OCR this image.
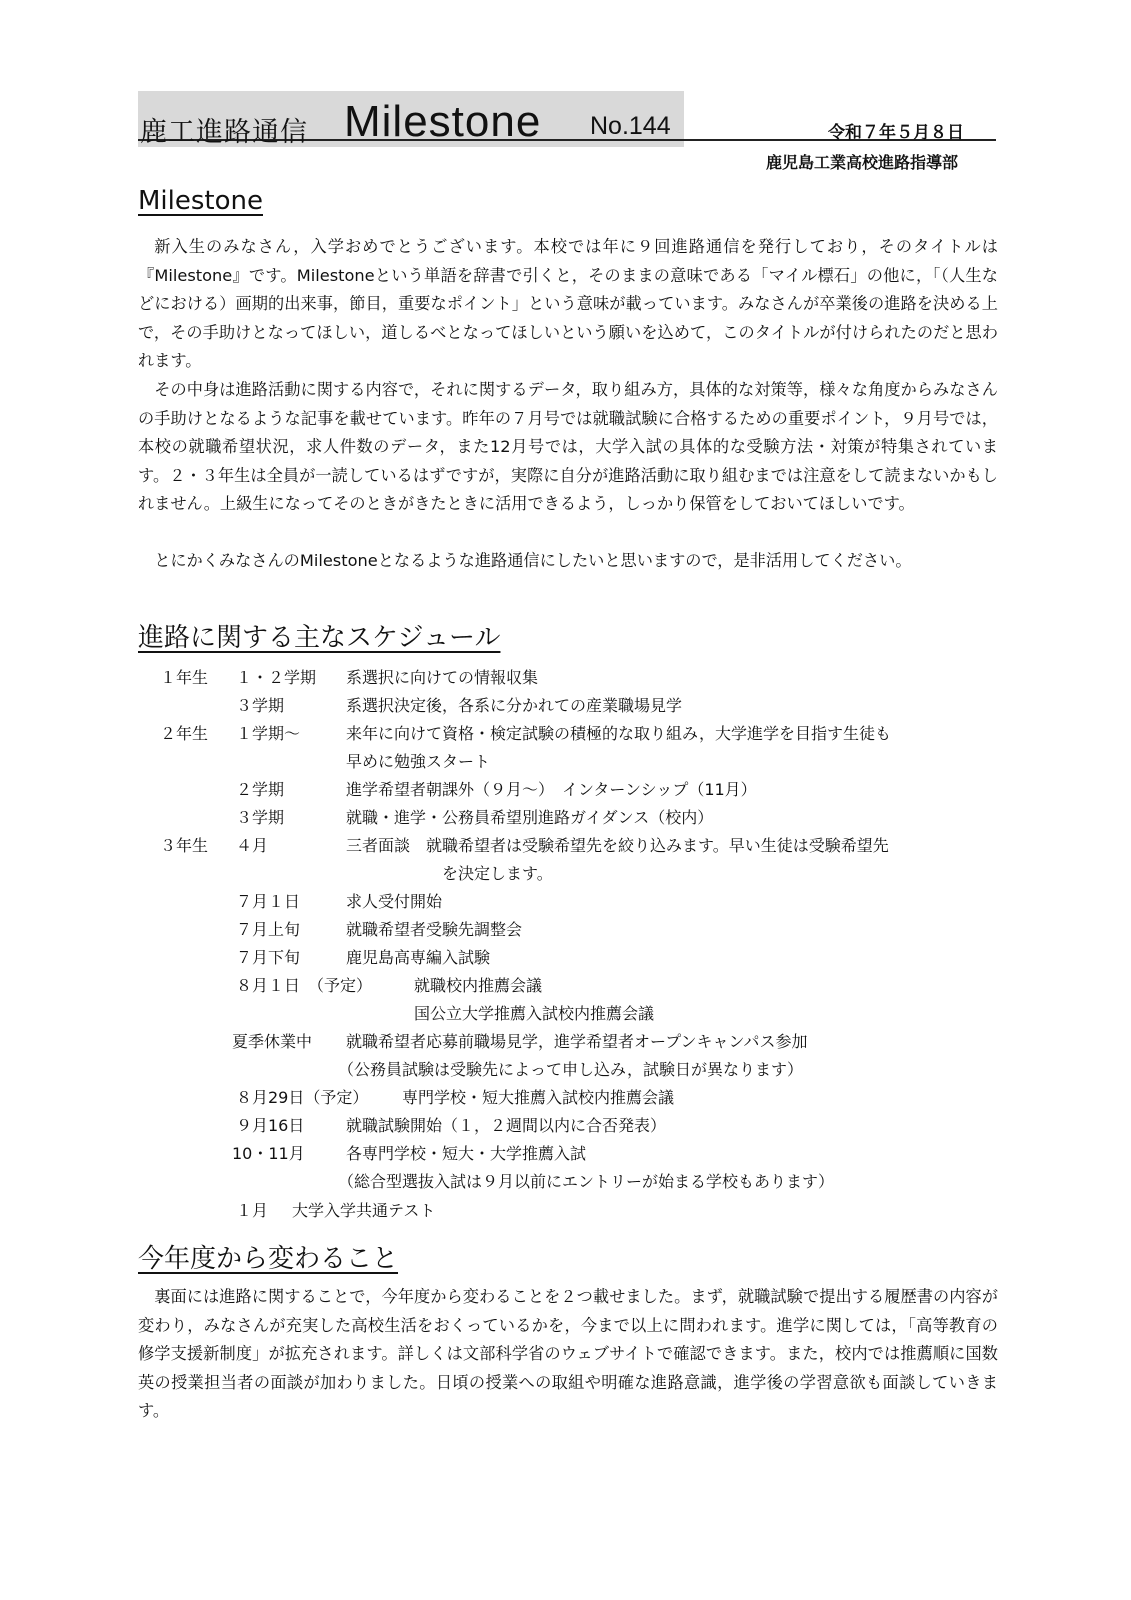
鹿工進路通信 Milestone No.144	令和７年５月８日
鹿児島工業高校進路指導部
Milestone

新入生のみなさん，入学おめでとうございます。本校では年に９回進路通信を発行しており，そのタイトルは『Milestone』です。Milestoneという単語を辞書で引くと，そのままの意味である「マイル標石」の他に，「（人生などにおける）画期的出来事，節目，重要なポイント」という意味が載っています。みなさんが卒業後の進路を決める上で，その手助けとなってほしい，道しるべとなってほしいという願いを込めて，このタイトルが付けられたのだと思われます。

その中身は進路活動に関する内容で，それに関するデータ，取り組み方，具体的な対策等，様々な角度からみなさんの手助けとなるような記事を載せています。昨年の７月号では就職試験に合格するための重要ポイント，９月号では，本校の就職希望状況，求人件数のデータ，また12月号では，大学入試の具体的な受験方法・対策が特集されています。２・３年生は全員が一読しているはずですが，実際に自分が進路活動に取り組むまでは注意をして読まないかもしれません。上級生になってそのときがきたときに活用できるよう，しっかり保管をしておいてほしいです。

とにかくみなさんのMilestoneとなるような進路通信にしたいと思いますので，是非活用してください。

進路に関する主なスケジュール
１年生 １・２学期 系選択に向けての情報収集
３学期	系選択決定後，各系に分かれての産業職場見学
２年生 １学期～	来年に向けて資格・検定試験の積極的な取り組み，大学進学を目指す生徒も
早めに勉強スタート
２学期	進学希望者朝課外（９月～）　インターンシップ（11月）
３学期	就職・進学・公務員希望別進路ガイダンス（校内）
３年生 ４月	三者面談　就職希望者は受験希望先を絞り込みます。早い生徒は受験希望先
を決定します。
７月１日	求人受付開始
７月上旬	就職希望者受験先調整会
７月下旬	鹿児島高専編入試験
８月１日　（予定）	就職校内推薦会議
国公立大学推薦入試校内推薦会議
夏季休業中 就職希望者応募前職場見学，進学希望者オープンキャンパス参加
（公務員試験は受験先によって申し込み，試験日が異なります）
８月29日（予定） 専門学校・短大推薦入試校内推薦会議
９月16日	就職試験開始（１，２週間以内に合否発表）
10・11月	各専門学校・短大・大学推薦入試
（総合型選抜入試は９月以前にエントリーが始まる学校もあります）
１月 大学入学共通テスト
今年度から変わること

裏面には進路に関することで，今年度から変わることを２つ載せました。まず，就職試験で提出する履歴書の内容が変わり，みなさんが充実した高校生活をおくっているかを，今まで以上に問われます。進学に関しては，「高等教育の修学支援新制度」が拡充されます。詳しくは文部科学省のウェブサイトで確認できます。また，校内では推薦順に国数英の授業担当者の面談が加わりました。日頃の授業への取組や明確な進路意識，進学後の学習意欲も面談していきます。
